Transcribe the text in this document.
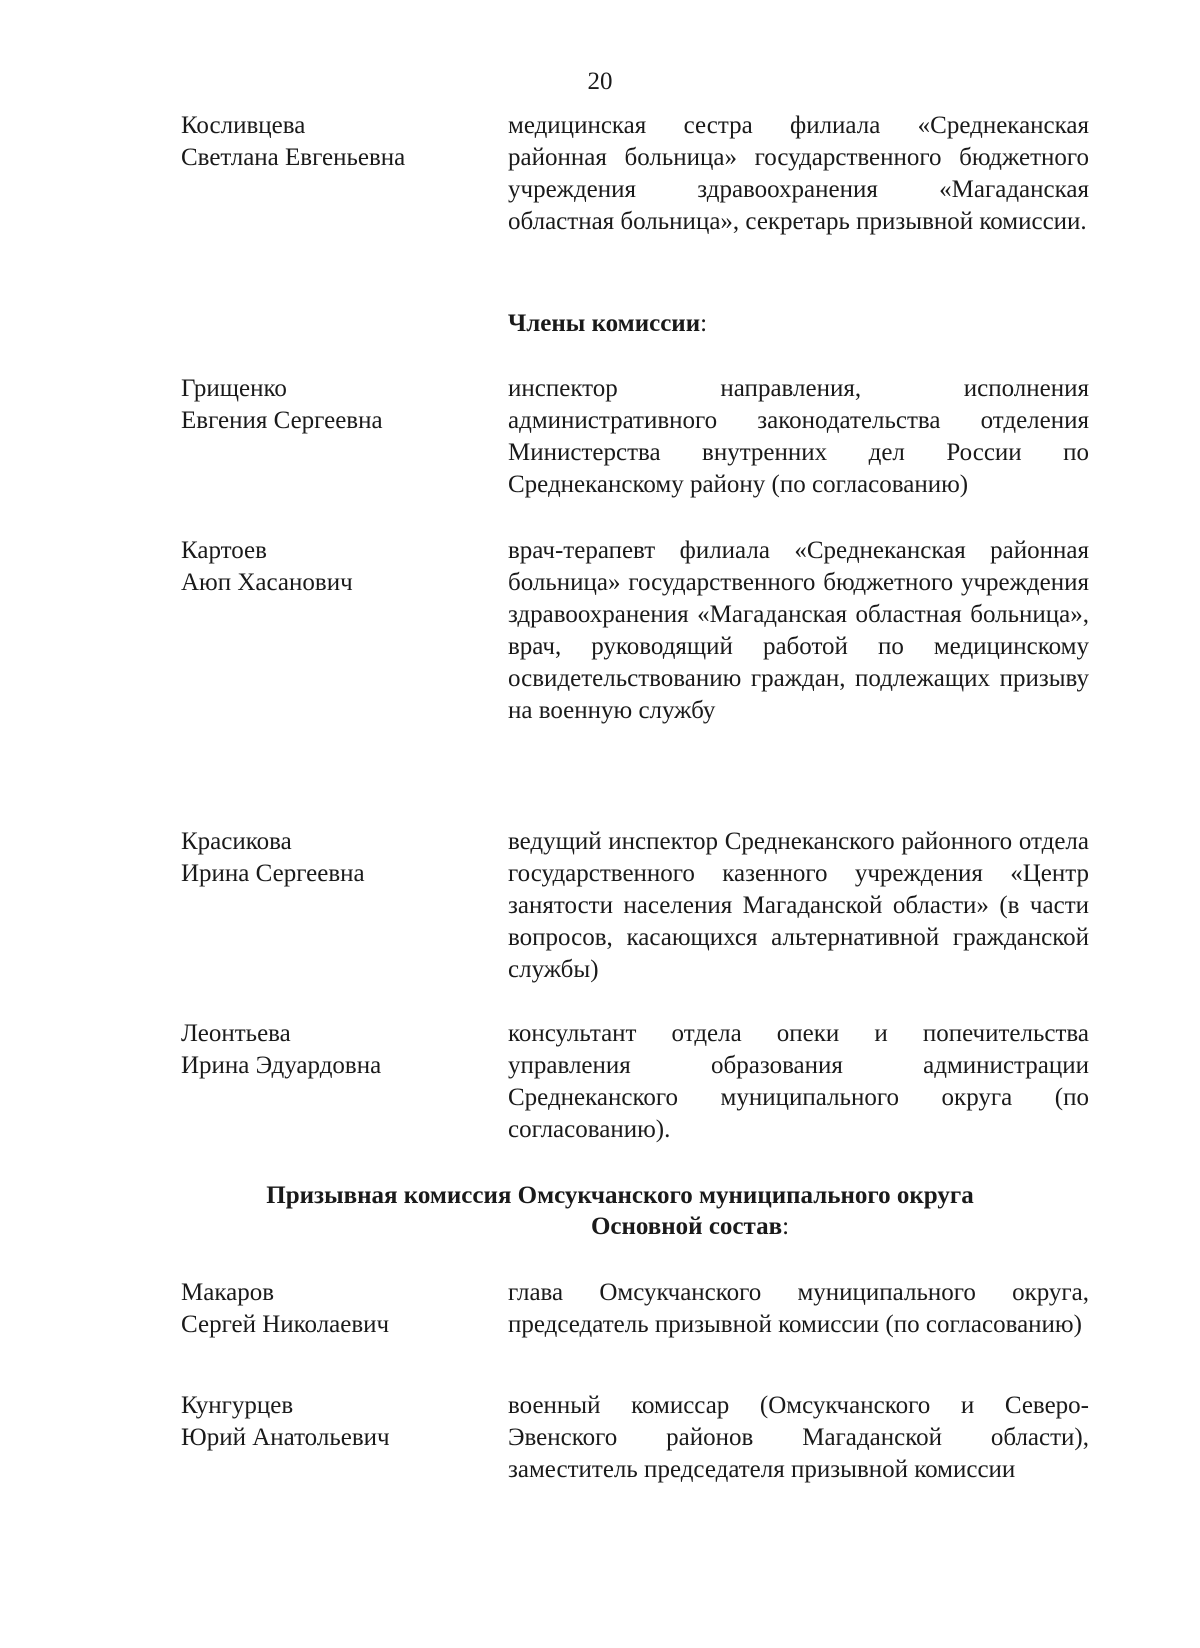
20
Косливцева
Светлана Евгеньевна
медицинская сестра филиала «Среднеканская районная больница» государственного бюджетного учреждения здравоохранения «Магаданская областная больница», секретарь призывной комиссии.
Члены комиссии:
Грищенко
Евгения Сергеевна
инспектор направления, исполнения административного законодательства отделения Министерства внутренних дел России по Среднеканскому району (по согласованию)
Картоев
Аюп Хасанович
врач-терапевт филиала «Среднеканская районная больница» государственного бюджетного учреждения здравоохранения «Магаданская областная больница», врач, руководящий работой по медицинскому освидетельствованию граждан, подлежащих призыву на военную службу
Красикова
Ирина Сергеевна
ведущий инспектор Среднеканского районного отдела государственного казенного учреждения «Центр занятости населения Магаданской области» (в части вопросов, касающихся альтернативной гражданской службы)
Леонтьева
Ирина Эдуардовна
консультант отдела опеки и попечительства управления образования администрации Среднеканского муниципального округа (по согласованию).
Призывная комиссия Омсукчанского муниципального округа
Основной состав:
Макаров
Сергей Николаевич
глава Омсукчанского муниципального округа, председатель призывной комиссии (по согласованию)
Кунгурцев
Юрий Анатольевич
военный комиссар (Омсукчанского и Северо-Эвенского районов Магаданской области), заместитель председателя призывной комиссии
